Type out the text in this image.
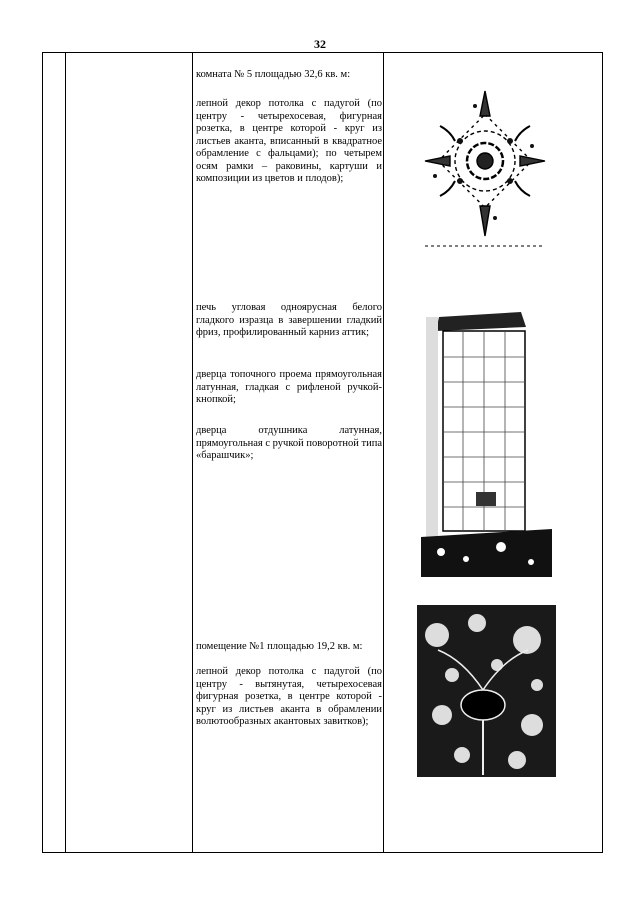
32
комната № 5 площадью 32,6 кв. м:
лепной декор потолка с падугой (по центру - четырехосевая, фигурная розетка, в центре которой - круг из листьев аканта, вписанный в квадратное обрамление с фальцами); по четырем осям рамки – раковины, картуши и композиции из цветов и плодов);
печь угловая одноярусная белого гладкого изразца в завершении гладкий фриз, профилированный карниз аттик;
дверца топочного проема прямоугольная латунная, гладкая с рифленой ручкой-кнопкой;
дверца отдушника латунная, прямоугольная с ручкой поворотной типа «барашчик»;
помещение №1 площадью 19,2 кв. м:
лепной декор потолка с падугой (по центру - вытянутая, четырехосевая фигурная розетка, в центре которой - круг из листьев аканта в обрамлении волютообразных акантовых завитков);
